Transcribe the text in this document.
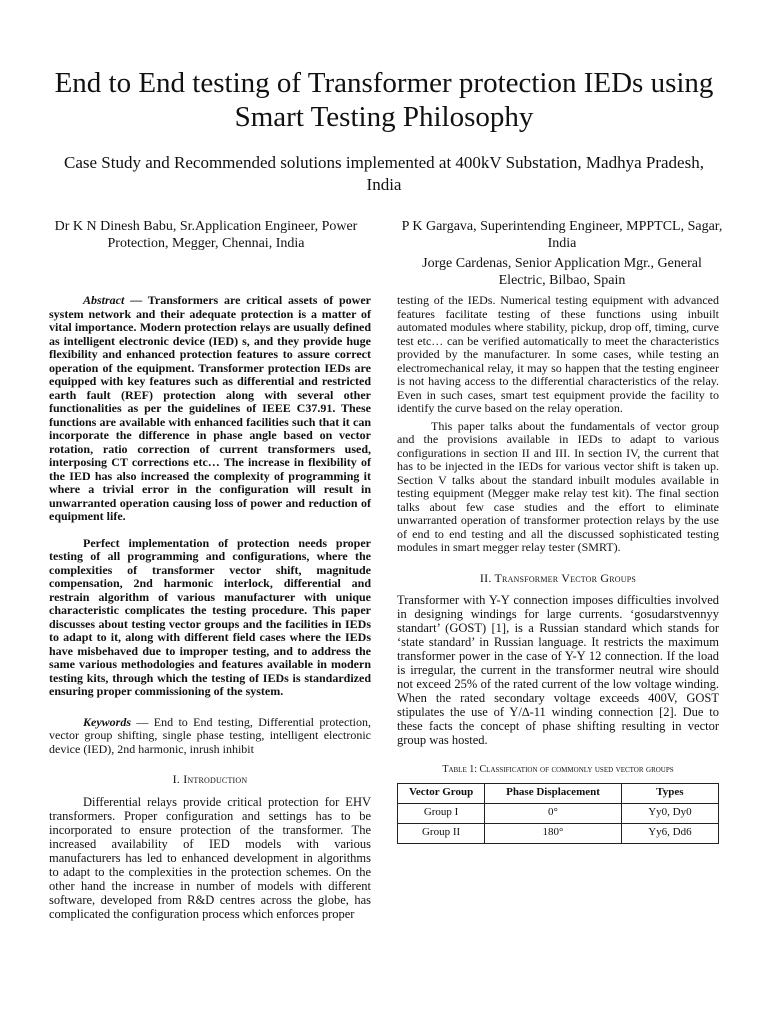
End to End testing of Transformer protection IEDs using Smart Testing Philosophy
Case Study and Recommended solutions implemented at 400kV Substation, Madhya Pradesh, India

Dr K N Dinesh Babu, Sr.Application Engineer, Power Protection, Megger, Chennai, India

P K Gargava, Superintending Engineer, MPPTCL, Sagar, India

Jorge Cardenas, Senior Application Mgr., General Electric, Bilbao, Spain

Abstract — Transformers are critical assets of power system network and their adequate protection is a matter of vital importance. Modern protection relays are usually defined as intelligent electronic device (IED) s, and they provide huge flexibility and enhanced protection features to assure correct operation of the equipment. Transformer protection IEDs are equipped with key features such as differential and restricted earth fault (REF) protection along with several other functionalities as per the guidelines of IEEE C37.91. These functions are available with enhanced facilities such that it can incorporate the difference in phase angle based on vector rotation, ratio correction of current transformers used, interposing CT corrections etc… The increase in flexibility of the IED has also increased the complexity of programming it where a trivial error in the configuration will result in unwarranted operation causing loss of power and reduction of equipment life.

Perfect implementation of protection needs proper testing of all programming and configurations, where the complexities of transformer vector shift, magnitude compensation, 2nd harmonic interlock, differential and restrain algorithm of various manufacturer with unique characteristic complicates the testing procedure. This paper discusses about testing vector groups and the facilities in IEDs to adapt to it, along with different field cases where the IEDs have misbehaved due to improper testing, and to address the same various methodologies and features available in modern testing kits, through which the testing of IEDs is standardized ensuring proper commissioning of the system.

Keywords — End to End testing, Differential protection, vector group shifting, single phase testing, intelligent electronic device (IED), 2nd harmonic, inrush inhibit

I. Introduction

Differential relays provide critical protection for EHV transformers. Proper configuration and settings has to be incorporated to ensure protection of the transformer. The increased availability of IED models with various manufacturers has led to enhanced development in algorithms to adapt to the complexities in the protection schemes. On the other hand the increase in number of models with different software, developed from R&D centres across the globe, has complicated the configuration process which enforces proper

testing of the IEDs. Numerical testing equipment with advanced features facilitate testing of these functions using inbuilt automated modules where stability, pickup, drop off, timing, curve test etc… can be verified automatically to meet the characteristics provided by the manufacturer. In some cases, while testing an electromechanical relay, it may so happen that the testing engineer is not having access to the differential characteristics of the relay. Even in such cases, smart test equipment provide the facility to identify the curve based on the relay operation.

This paper talks about the fundamentals of vector group and the provisions available in IEDs to adapt to various configurations in section II and III. In section IV, the current that has to be injected in the IEDs for various vector shift is taken up. Section V talks about the standard inbuilt modules available in testing equipment (Megger make relay test kit). The final section talks about few case studies and the effort to eliminate unwarranted operation of transformer protection relays by the use of end to end testing and all the discussed sophisticated testing modules in smart megger relay tester (SMRT).

II. Transformer Vector Groups

Transformer with Y-Y connection imposes difficulties involved in designing windings for large currents. ‘gosudarstvennyy standart’ (GOST) [1], is a Russian standard which stands for ‘state standard’ in Russian language. It restricts the maximum transformer power in the case of Y-Y 12 connection. If the load is irregular, the current in the transformer neutral wire should not exceed 25% of the rated current of the low voltage winding. When the rated secondary voltage exceeds 400V, GOST stipulates the use of Y/∆-11 winding connection [2]. Due to these facts the concept of phase shifting resulting in vector group was hosted.

Table 1: Classification of commonly used vector groups

Vector Group	Phase Displacement	Types
Group I	0°	Yy0, Dy0
Group II	180°	Yy6, Dd6
